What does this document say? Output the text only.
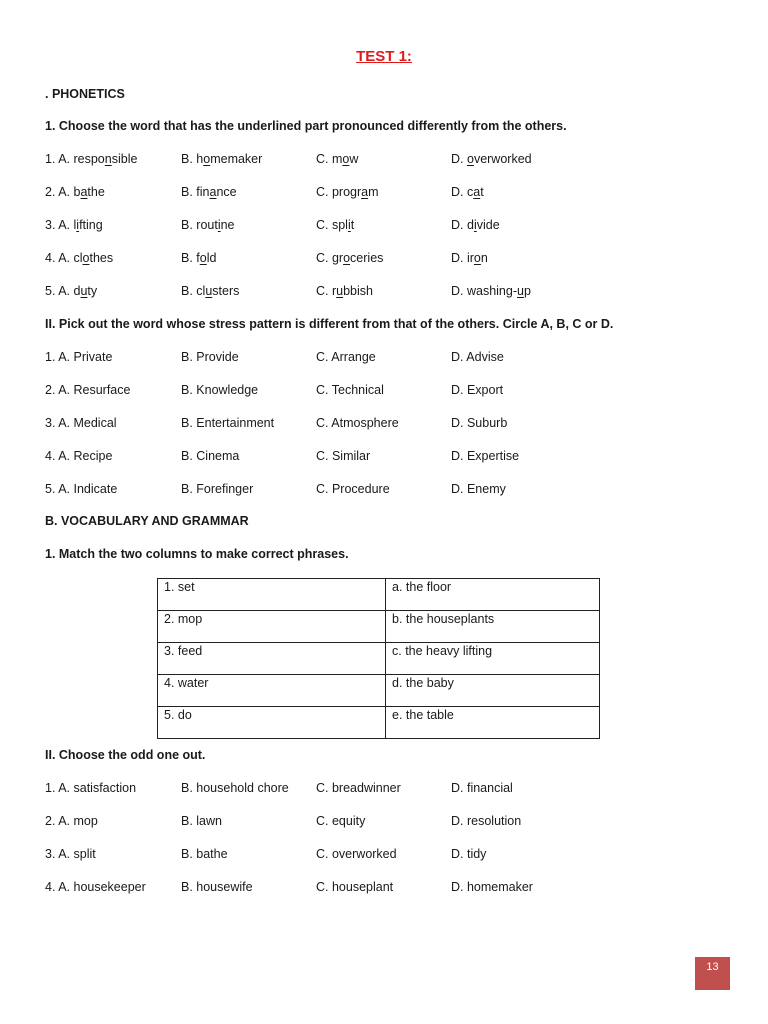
TEST 1:
. PHONETICS
1. Choose the word that has the underlined part pronounced differently from the others.
1. A. responsible	B. homemaker	C. mow	D. overworked
2. A. bathe	B. finance	C. program	D. cat
3. A. lifting	B. routine	C. split	D. divide
4. A. clothes	B. fold	C. groceries	D. iron
5. A. duty	B. clusters	C. rubbish	D. washing-up
II. Pick out the word whose stress pattern is different from that of the others. Circle A, B, C or D.
1. A. Private	B. Provide	C. Arrange	D. Advise
2. A. Resurface	B. Knowledge	C. Technical	D. Export
3. A. Medical	B. Entertainment	C. Atmosphere	D. Suburb
4. A. Recipe	B. Cinema	C. Similar	D. Expertise
5. A. Indicate	B. Forefinger	C. Procedure	D. Enemy
B. VOCABULARY AND GRAMMAR
1. Match the two columns to make correct phrases.
1. set	a. the floor
2. mop	b. the houseplants
3. feed	c. the heavy lifting
4. water	d. the baby
5. do	e. the table
II. Choose the odd one out.
1. A. satisfaction	B. household chore C. breadwinner	D. financial
2. A. mop	B. lawn	C. equity	D. resolution
3. A. split	B. bathe	C. overworked	D. tidy
4. A. housekeeper	B. housewife	C. houseplant	D. homemaker
13
